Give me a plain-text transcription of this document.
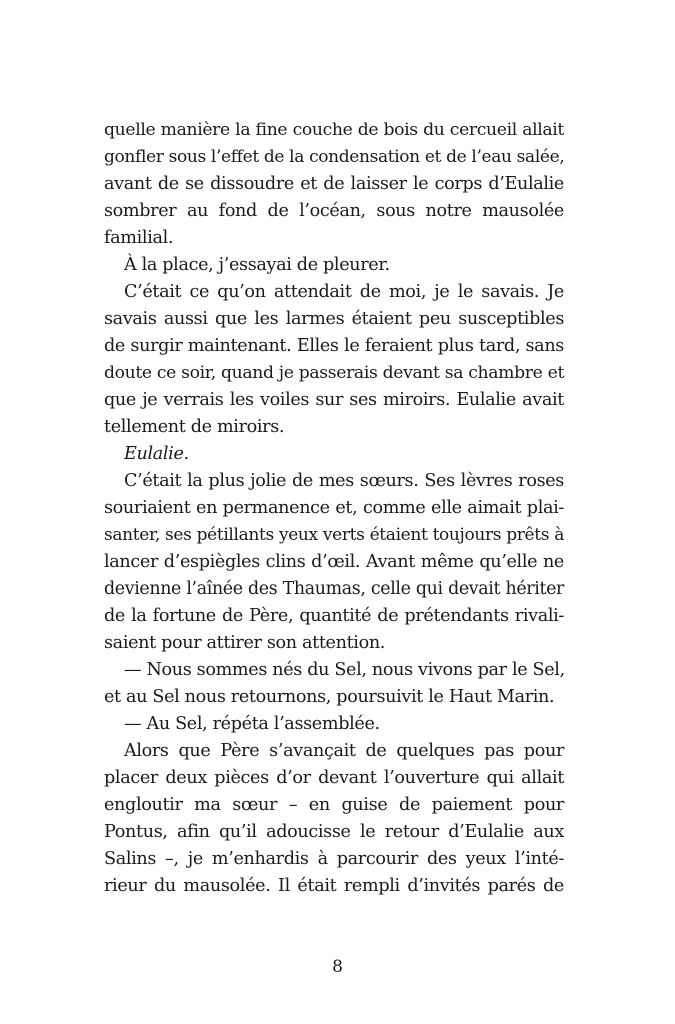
quelle manière la fine couche de bois du cercueil allait
gonfler sous l’effet de la condensation et de l’eau salée,
avant de se dissoudre et de laisser le corps d’Eulalie
sombrer au fond de l’océan, sous notre mausolée
familial.
À la place, j’essayai de pleurer.
C’était ce qu’on attendait de moi, je le savais. Je
savais aussi que les larmes étaient peu susceptibles
de surgir maintenant. Elles le feraient plus tard, sans
doute ce soir, quand je passerais devant sa chambre et
que je verrais les voiles sur ses miroirs. Eulalie avait
tellement de miroirs.
Eulalie.
C’était la plus jolie de mes sœurs. Ses lèvres roses
souriaient en permanence et, comme elle aimait plai-
santer, ses pétillants yeux verts étaient toujours prêts à
lancer d’espiègles clins d’œil. Avant même qu’elle ne
devienne l’aînée des Thaumas, celle qui devait hériter
de la fortune de Père, quantité de prétendants rivali-
saient pour attirer son attention.
— Nous sommes nés du Sel, nous vivons par le Sel,
et au Sel nous retournons, poursuivit le Haut Marin.
— Au Sel, répéta l’assemblée.
Alors que Père s’avançait de quelques pas pour
placer deux pièces d’or devant l’ouverture qui allait
engloutir ma sœur – en guise de paiement pour
Pontus, afin qu’il adoucisse le retour d’Eulalie aux
Salins –, je m’enhardis à parcourir des yeux l’inté-
rieur du mausolée. Il était rempli d’invités parés de
8
